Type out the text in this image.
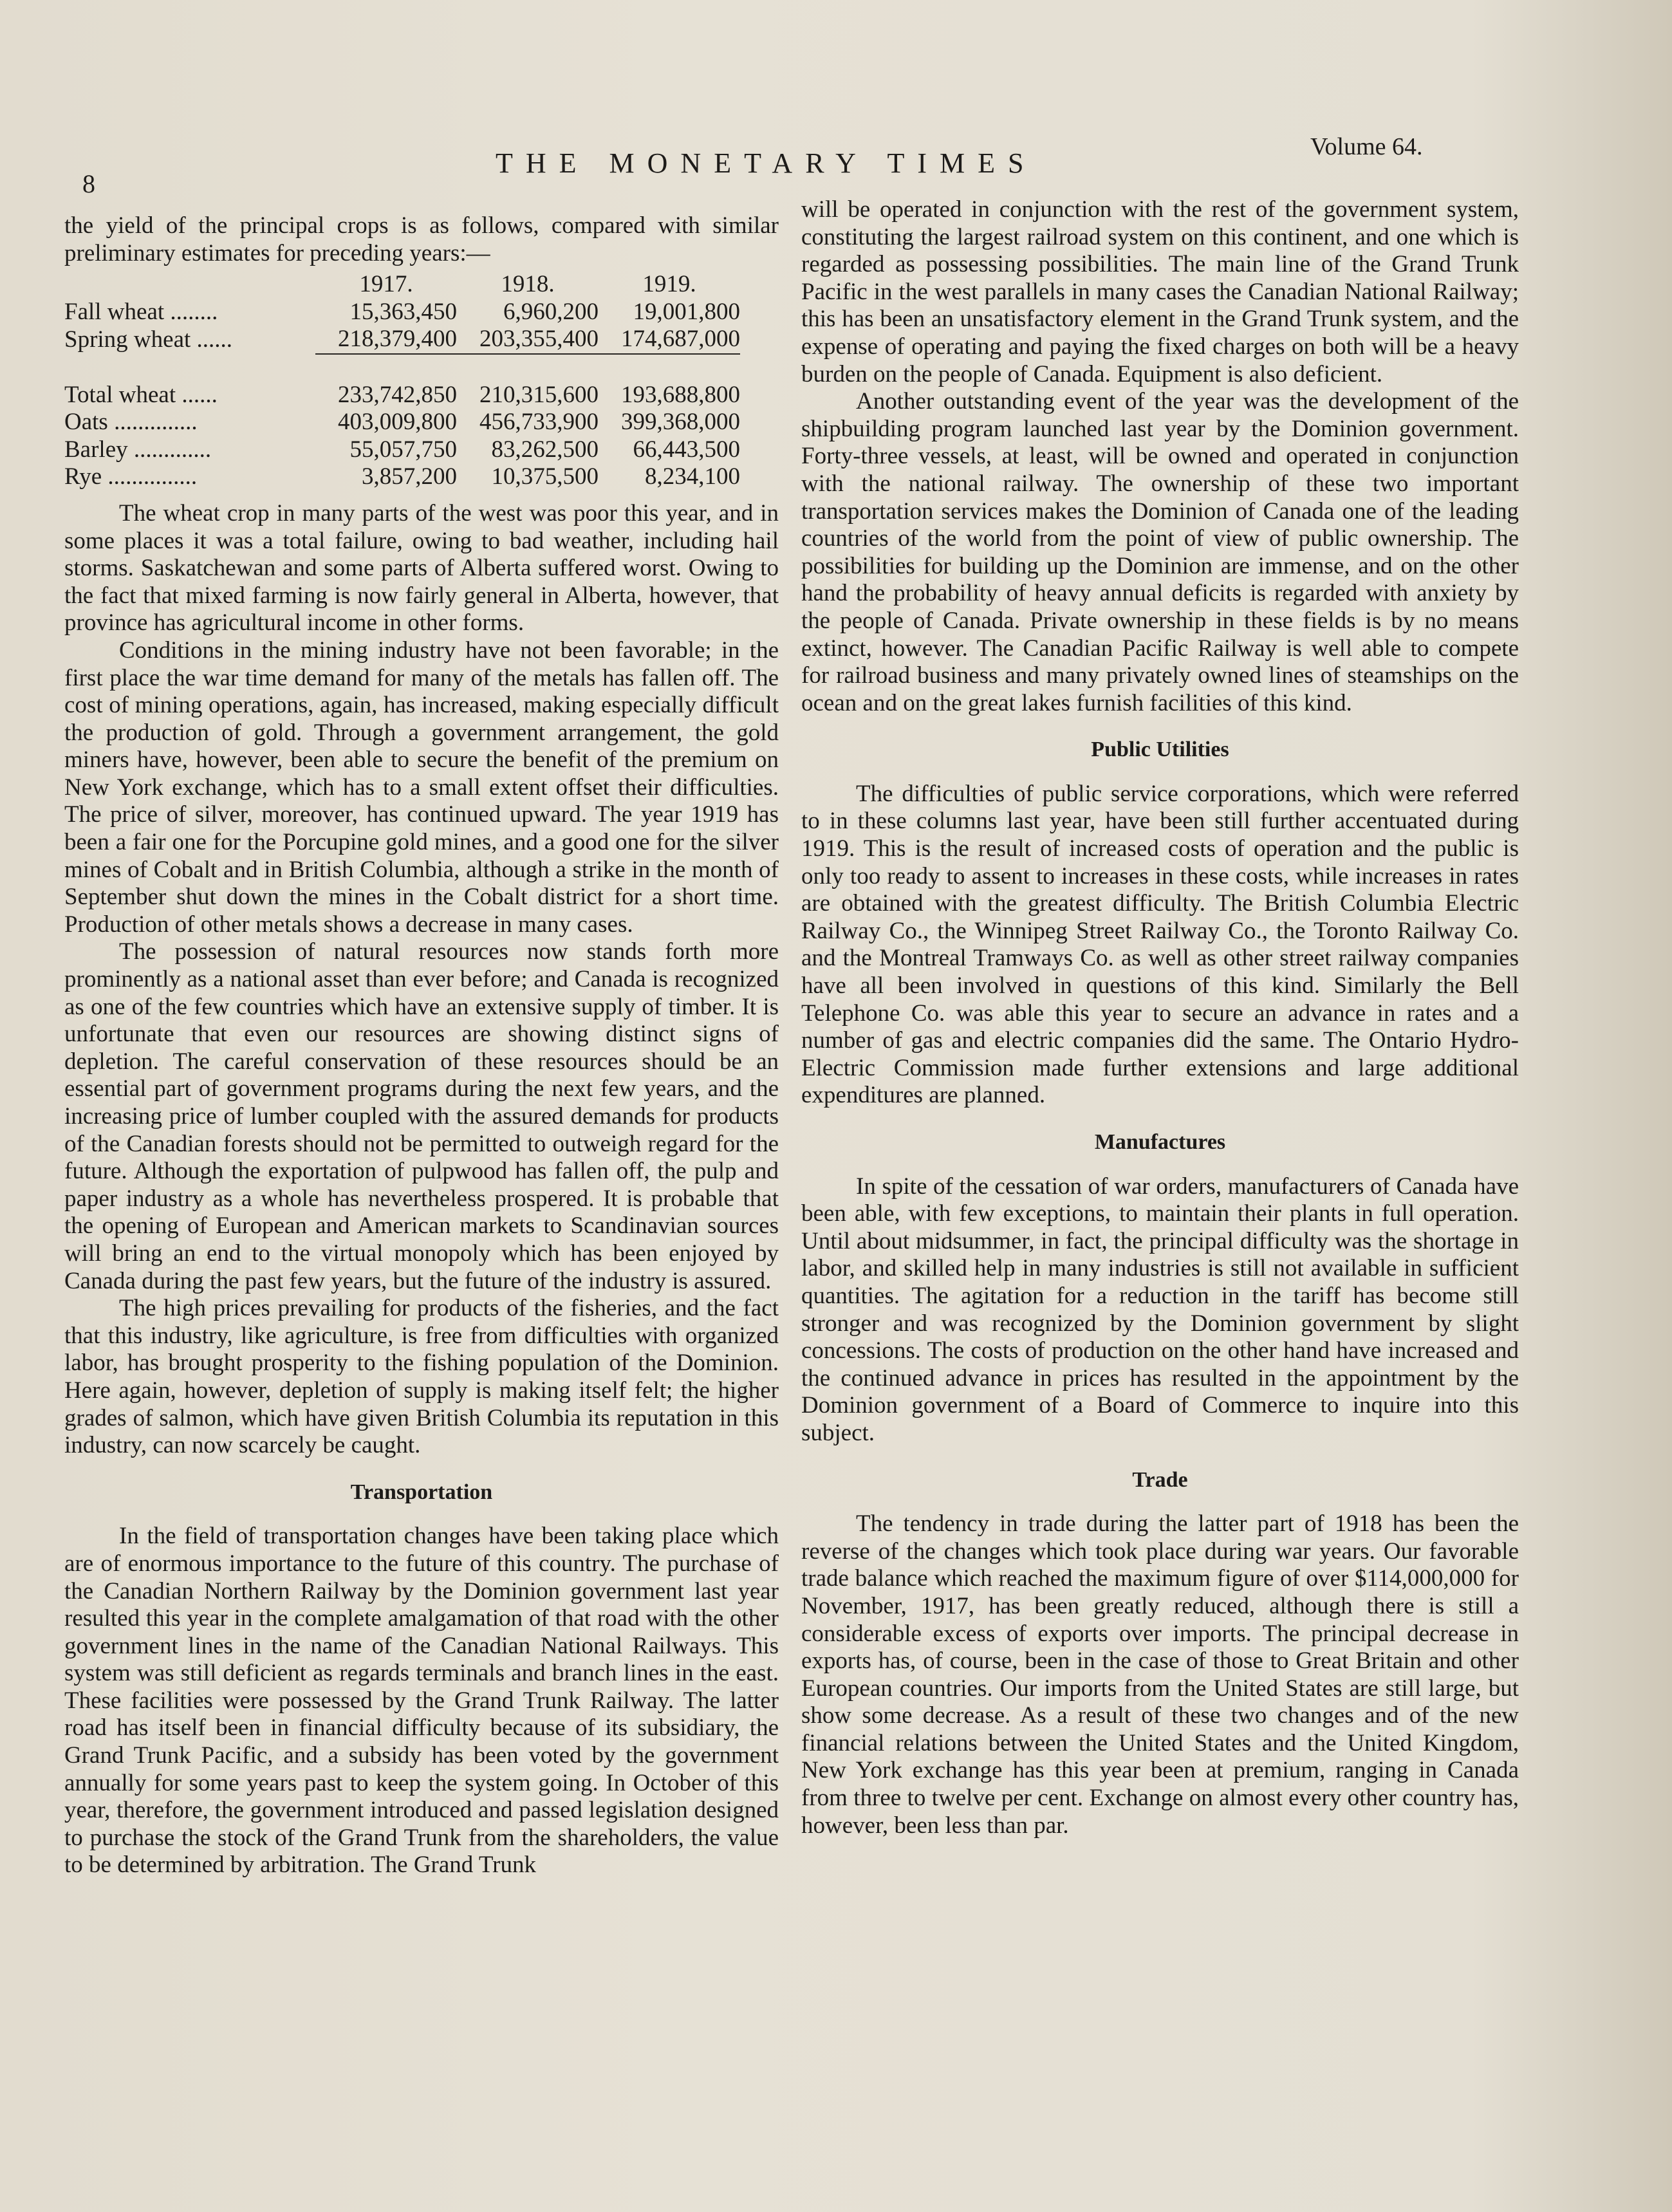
8
THE MONETARY TIMES
Volume 64.

the yield of the principal crops is as follows, compared with similar preliminary estimates for preceding years:—

	1917.	1918.	1919.
Fall wheat ........	15,363,450	6,960,200	19,001,800
Spring wheat ......	218,379,400	203,355,400	174,687,000

Total wheat ......	233,742,850	210,315,600	193,688,800
Oats ..............	403,009,800	456,733,900	399,368,000
Barley .............	55,057,750	83,262,500	66,443,500
Rye ...............	3,857,200	10,375,500	8,234,100

The wheat crop in many parts of the west was poor this year, and in some places it was a total failure, owing to bad weather, including hail storms. Saskatchewan and some parts of Alberta suffered worst. Owing to the fact that mixed farming is now fairly general in Alberta, however, that province has agricultural income in other forms.

Conditions in the mining industry have not been favorable; in the first place the war time demand for many of the metals has fallen off. The cost of mining operations, again, has increased, making especially difficult the production of gold. Through a government arrangement, the gold miners have, however, been able to secure the benefit of the premium on New York exchange, which has to a small extent offset their difficulties. The price of silver, moreover, has continued upward. The year 1919 has been a fair one for the Porcupine gold mines, and a good one for the silver mines of Cobalt and in British Columbia, although a strike in the month of September shut down the mines in the Cobalt district for a short time. Production of other metals shows a decrease in many cases.

The possession of natural resources now stands forth more prominently as a national asset than ever before; and Canada is recognized as one of the few countries which have an extensive supply of timber. It is unfortunate that even our resources are showing distinct signs of depletion. The careful conservation of these resources should be an essential part of government programs during the next few years, and the increasing price of lumber coupled with the assured demands for products of the Canadian forests should not be permitted to outweigh regard for the future. Although the exportation of pulpwood has fallen off, the pulp and paper industry as a whole has nevertheless prospered. It is probable that the opening of European and American markets to Scandinavian sources will bring an end to the virtual monopoly which has been enjoyed by Canada during the past few years, but the future of the industry is assured.

The high prices prevailing for products of the fisheries, and the fact that this industry, like agriculture, is free from difficulties with organized labor, has brought prosperity to the fishing population of the Dominion. Here again, however, depletion of supply is making itself felt; the higher grades of salmon, which have given British Columbia its reputation in this industry, can now scarcely be caught.

Transportation

In the field of transportation changes have been taking place which are of enormous importance to the future of this country. The purchase of the Canadian Northern Railway by the Dominion government last year resulted this year in the complete amalgamation of that road with the other government lines in the name of the Canadian National Railways. This system was still deficient as regards terminals and branch lines in the east. These facilities were possessed by the Grand Trunk Railway. The latter road has itself been in financial difficulty because of its subsidiary, the Grand Trunk Pacific, and a subsidy has been voted by the government annually for some years past to keep the system going. In October of this year, therefore, the government introduced and passed legislation designed to purchase the stock of the Grand Trunk from the shareholders, the value to be determined by arbitration. The Grand Trunk

will be operated in conjunction with the rest of the government system, constituting the largest railroad system on this continent, and one which is regarded as possessing possibilities. The main line of the Grand Trunk Pacific in the west parallels in many cases the Canadian National Railway; this has been an unsatisfactory element in the Grand Trunk system, and the expense of operating and paying the fixed charges on both will be a heavy burden on the people of Canada. Equipment is also deficient.

Another outstanding event of the year was the development of the shipbuilding program launched last year by the Dominion government. Forty-three vessels, at least, will be owned and operated in conjunction with the national railway. The ownership of these two important transportation services makes the Dominion of Canada one of the leading countries of the world from the point of view of public ownership. The possibilities for building up the Dominion are immense, and on the other hand the probability of heavy annual deficits is regarded with anxiety by the people of Canada. Private ownership in these fields is by no means extinct, however. The Canadian Pacific Railway is well able to compete for railroad business and many privately owned lines of steamships on the ocean and on the great lakes furnish facilities of this kind.

Public Utilities

The difficulties of public service corporations, which were referred to in these columns last year, have been still further accentuated during 1919. This is the result of increased costs of operation and the public is only too ready to assent to increases in these costs, while increases in rates are obtained with the greatest difficulty. The British Columbia Electric Railway Co., the Winnipeg Street Railway Co., the Toronto Railway Co. and the Montreal Tramways Co. as well as other street railway companies have all been involved in questions of this kind. Similarly the Bell Telephone Co. was able this year to secure an advance in rates and a number of gas and electric companies did the same. The Ontario Hydro-Electric Commission made further extensions and large additional expenditures are planned.

Manufactures

In spite of the cessation of war orders, manufacturers of Canada have been able, with few exceptions, to maintain their plants in full operation. Until about midsummer, in fact, the principal difficulty was the shortage in labor, and skilled help in many industries is still not available in sufficient quantities. The agitation for a reduction in the tariff has become still stronger and was recognized by the Dominion government by slight concessions. The costs of production on the other hand have increased and the continued advance in prices has resulted in the appointment by the Dominion government of a Board of Commerce to inquire into this subject.

Trade

The tendency in trade during the latter part of 1918 has been the reverse of the changes which took place during war years. Our favorable trade balance which reached the maximum figure of over $114,000,000 for November, 1917, has been greatly reduced, although there is still a considerable excess of exports over imports. The principal decrease in exports has, of course, been in the case of those to Great Britain and other European countries. Our imports from the United States are still large, but show some decrease. As a result of these two changes and of the new financial relations between the United States and the United Kingdom, New York exchange has this year been at premium, ranging in Canada from three to twelve per cent. Exchange on almost every other country has, however, been less than par.
